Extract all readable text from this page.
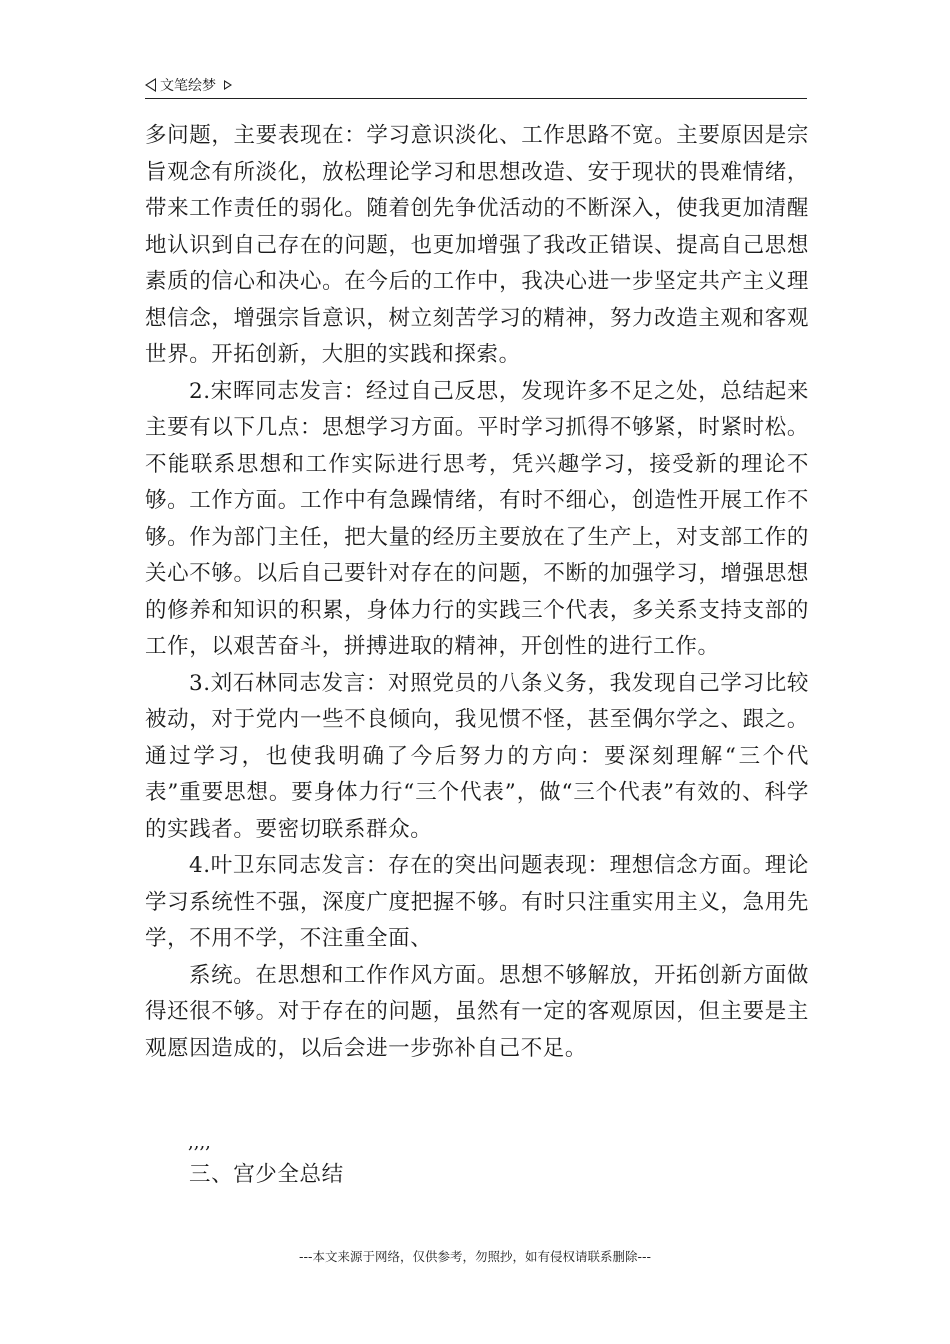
文笔绘梦

多问题，主要表现在：学习意识淡化、工作思路不宽。主要原因是宗旨观念有所淡化，放松理论学习和思想改造、安于现状的畏难情绪，带来工作责任的弱化。随着创先争优活动的不断深入，使我更加清醒地认识到自己存在的问题，也更加增强了我改正错误、提高自己思想素质的信心和决心。在今后的工作中，我决心进一步坚定共产主义理想信念，增强宗旨意识，树立刻苦学习的精神，努力改造主观和客观世界。开拓创新，大胆的实践和探索。

2.宋晖同志发言：经过自己反思，发现许多不足之处，总结起来主要有以下几点：思想学习方面。平时学习抓得不够紧，时紧时松。不能联系思想和工作实际进行思考，凭兴趣学习，接受新的理论不够。工作方面。工作中有急躁情绪，有时不细心，创造性开展工作不够。作为部门主任，把大量的经历主要放在了生产上，对支部工作的关心不够。以后自己要针对存在的问题，不断的加强学习，增强思想的修养和知识的积累，身体力行的实践三个代表，多关系支持支部的工作，以艰苦奋斗，拼搏进取的精神，开创性的进行工作。

3.刘石林同志发言：对照党员的八条义务，我发现自己学习比较被动，对于党内一些不良倾向，我见惯不怪，甚至偶尔学之、跟之。通过学习，也使我明确了今后努力的方向：要深刻理解“三个代表”重要思想。要身体力行“三个代表”，做“三个代表”有效的、科学的实践者。要密切联系群众。

4.叶卫东同志发言：存在的突出问题表现：理想信念方面。理论学习系统性不强，深度广度把握不够。有时只注重实用主义，急用先学，不用不学，不注重全面、

系统。在思想和工作作风方面。思想不够解放，开拓创新方面做得还很不够。对于存在的问题，虽然有一定的客观原因，但主要是主观愿因造成的，以后会进一步弥补自己不足。

,,,,
三、宫少全总结
---本文来源于网络，仅供参考，勿照抄，如有侵权请联系删除---
